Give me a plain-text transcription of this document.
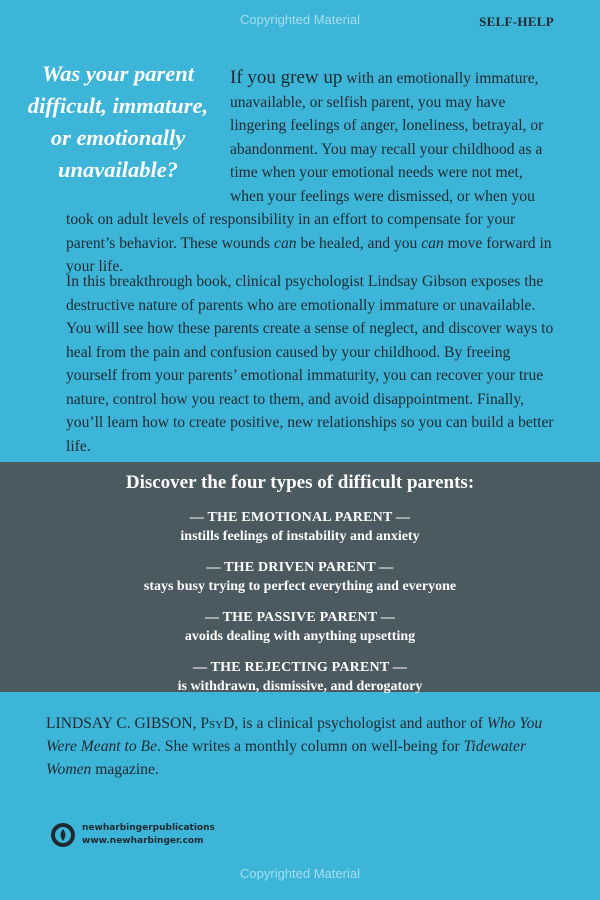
Copyrighted Material	SELF-HELP
Was your parent difficult, immature, or emotionally unavailable?

If you grew up with an emotionally immature, unavailable, or selfish parent, you may have lingering feelings of anger, loneliness, betrayal, or abandonment. You may recall your childhood as a time when your emotional needs were not met, when your feelings were dismissed, or when you took on adult levels of responsibility in an effort to compensate for your parent’s behavior. These wounds can be healed, and you can move forward in your life.

In this breakthrough book, clinical psychologist Lindsay Gibson exposes the destructive nature of parents who are emotionally immature or unavailable. You will see how these parents create a sense of neglect, and discover ways to heal from the pain and confusion caused by your childhood. By freeing yourself from your parents’ emotional immaturity, you can recover your true nature, control how you react to them, and avoid disappointment. Finally, you’ll learn how to create positive, new relationships so you can build a better life.

Discover the four types of difficult parents:
— THE EMOTIONAL PARENT —
instills feelings of instability and anxiety
— THE DRIVEN PARENT —
stays busy trying to perfect everything and everyone
— THE PASSIVE PARENT —
avoids dealing with anything upsetting
— THE REJECTING PARENT —
is withdrawn, dismissive, and derogatory

LINDSAY C. GIBSON, PsyD, is a clinical psychologist and author of Who You Were Meant to Be. She writes a monthly column on well-being for Tidewater Women magazine.

newharbingerpublications
www.newharbinger.com
Copyrighted Material
